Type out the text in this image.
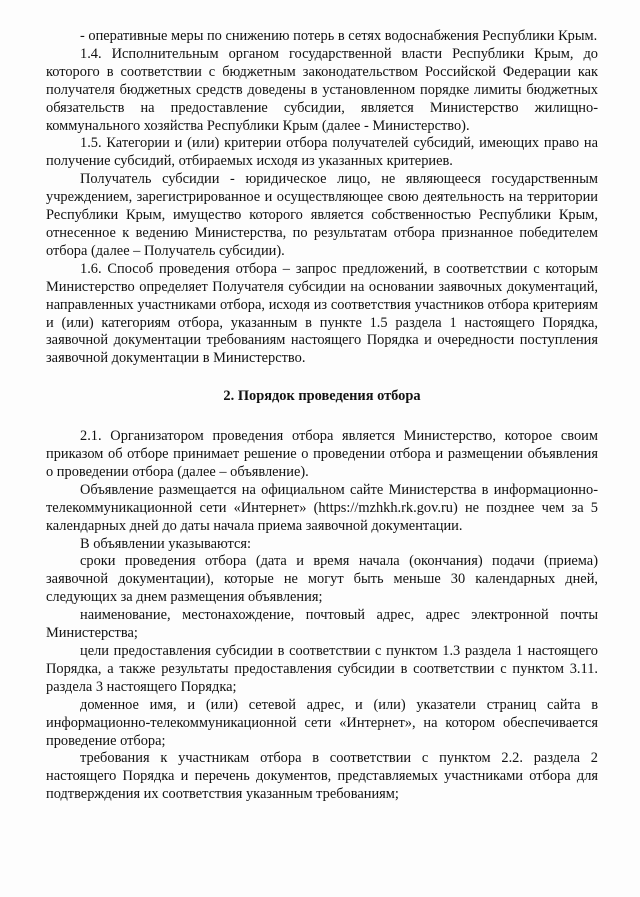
- оперативные меры по снижению потерь в сетях водоснабжения Республики Крым.

1.4. Исполнительным органом государственной власти Республики Крым, до которого в соответствии с бюджетным законодательством Российской Федерации как получателя бюджетных средств доведены в установленном порядке лимиты бюджетных обязательств на предоставление субсидии, является Министерство жилищно-коммунального хозяйства Республики Крым (далее - Министерство).

1.5. Категории и (или) критерии отбора получателей субсидий, имеющих право на получение субсидий, отбираемых исходя из указанных критериев.

Получатель субсидии - юридическое лицо, не являющееся государственным учреждением, зарегистрированное и осуществляющее свою деятельность на территории Республики Крым, имущество которого является собственностью Республики Крым, отнесенное к ведению Министерства, по результатам отбора признанное победителем отбора (далее – Получатель субсидии).

1.6. Способ проведения отбора – запрос предложений, в соответствии с которым Министерство определяет Получателя субсидии на основании заявочных документаций, направленных участниками отбора, исходя из соответствия участников отбора критериям и (или) категориям отбора, указанным в пункте 1.5 раздела 1 настоящего Порядка, заявочной документации требованиям настоящего Порядка и очередности поступления заявочной документации в Министерство.

2. Порядок проведения отбора

2.1. Организатором проведения отбора является Министерство, которое своим приказом об отборе принимает решение о проведении отбора и размещении объявления о проведении отбора (далее – объявление).

Объявление размещается на официальном сайте Министерства в информационно-телекоммуникационной сети «Интернет» (https://mzhkh.rk.gov.ru) не позднее чем за 5 календарных дней до даты начала приема заявочной документации.

В объявлении указываются:

сроки проведения отбора (дата и время начала (окончания) подачи (приема) заявочной документации), которые не могут быть меньше 30 календарных дней, следующих за днем размещения объявления;

наименование, местонахождение, почтовый адрес, адрес электронной почты Министерства;

цели предоставления субсидии в соответствии с пунктом 1.3 раздела 1 настоящего Порядка, а также результаты предоставления субсидии в соответствии с пунктом 3.11. раздела 3 настоящего Порядка;

доменное имя, и (или) сетевой адрес, и (или) указатели страниц сайта в информационно-телекоммуникационной сети «Интернет», на котором обеспечивается проведение отбора;

требования к участникам отбора в соответствии с пунктом 2.2. раздела 2 настоящего Порядка и перечень документов, представляемых участниками отбора для подтверждения их соответствия указанным требованиям;
